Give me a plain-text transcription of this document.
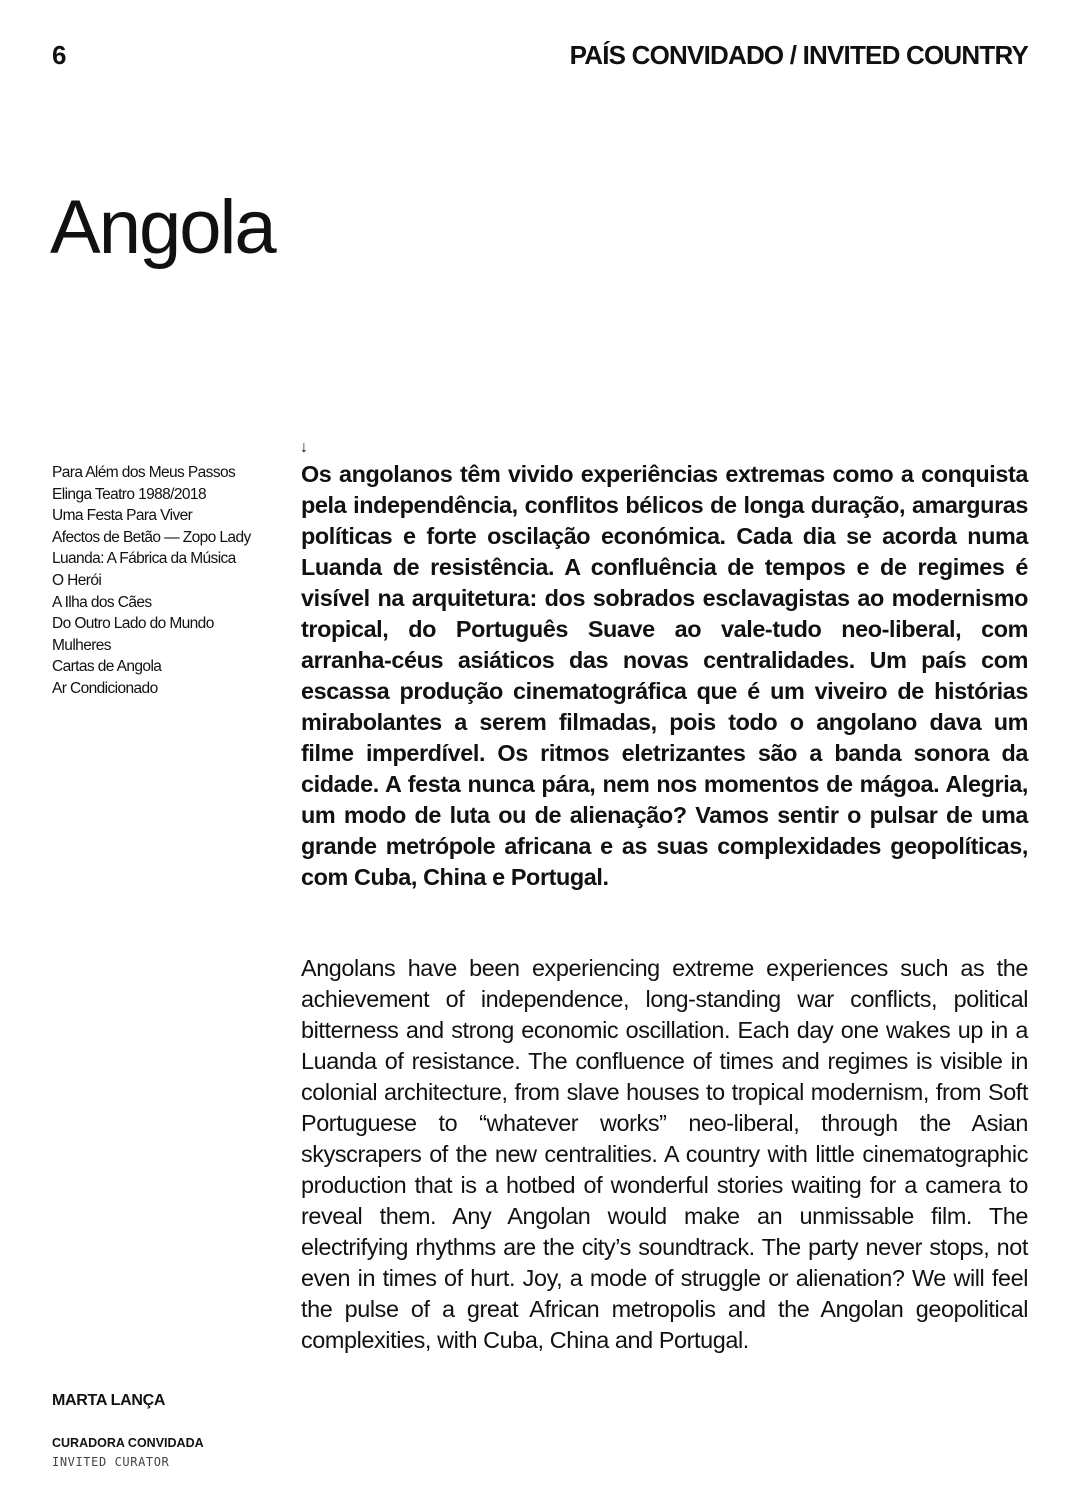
6	PAÍS CONVIDADO / INVITED COUNTRY
Angola
Para Além dos Meus Passos
Elinga Teatro 1988/2018
Uma Festa Para Viver
Afectos de Betão — Zopo Lady
Luanda: A Fábrica da Música
O Herói
A Ilha dos Cães
Do Outro Lado do Mundo
Mulheres
Cartas de Angola
Ar Condicionado
↓

Os angolanos têm vivido experiências extremas como a conquista pela independência, conflitos bélicos de longa duração, amarguras políticas e forte oscilação económica. Cada dia se acorda numa Luanda de resistência. A confluência de tempos e de regimes é visível na arquitetura: dos sobrados esclavagistas ao modernismo tropical, do Português Suave ao vale-tudo neo-liberal, com arranha-céus asiáticos das novas centralidades. Um país com escassa produção cinematográfica que é um viveiro de histórias mirabolantes a serem filmadas, pois todo o angolano dava um filme imperdível. Os ritmos eletrizantes são a banda sonora da cidade. A festa nunca pára, nem nos momentos de mágoa. Alegria, um modo de luta ou de alienação? Vamos sentir o pulsar de uma grande metrópole africana e as suas complexidades geopolíticas, com Cuba, China e Portugal.

Angolans have been experiencing extreme experiences such as the achievement of independence, long-standing war conflicts, political bitterness and strong economic oscillation. Each day one wakes up in a Luanda of resistance. The confluence of times and regimes is visible in colonial architecture, from slave houses to tropical modernism, from Soft Portuguese to “whatever works” neo-liberal, through the Asian skyscrapers of the new centralities. A country with little cinematographic production that is a hotbed of wonderful stories waiting for a camera to reveal them. Any Angolan would make an unmissable film. The electrifying rhythms are the city’s soundtrack. The party never stops, not even in times of hurt. Joy, a mode of struggle or alienation? We will feel the pulse of a great African metropolis and the Angolan geopolitical complexities, with Cuba, China and Portugal.

MARTA LANÇA
CURADORA CONVIDADA
INVITED CURATOR
